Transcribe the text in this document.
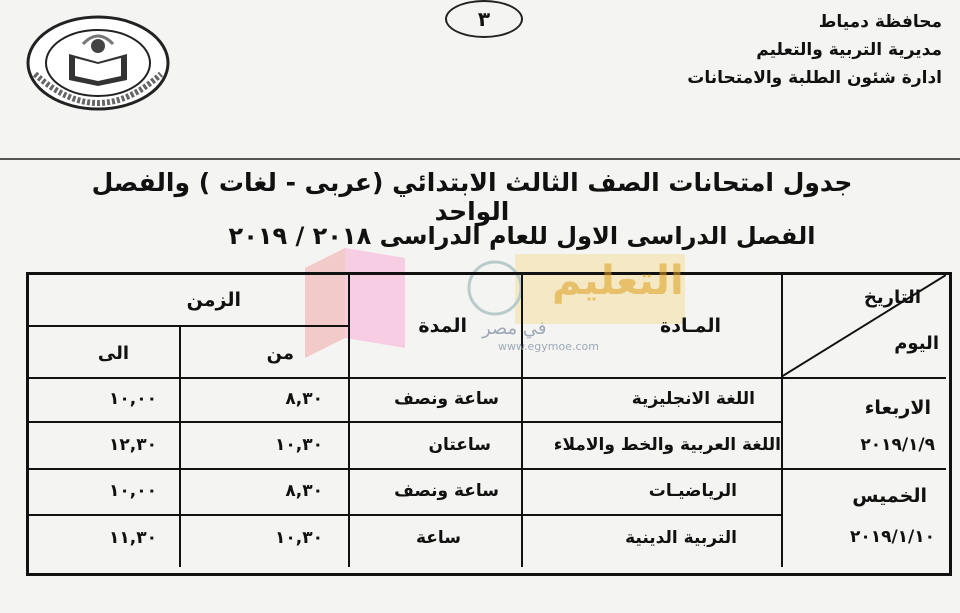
محافظة دمياط
مديرية التربية والتعليم
ادارة شئون الطلبة والامتحانات
٣
جدول امتحانات الصف الثالث الابتدائي (عربى - لغات ) والفصل الواحد
الفصل الدراسى الاول للعام الدراسى ٢٠١٨ / ٢٠١٩
التاريخ
اليوم
المـادة
المدة
الزمن
من
الى
الاربعاء
٢٠١٩/١/٩
اللغة الانجليزية
ساعة ونصف
٨,٣٠
١٠,٠٠
اللغة العربية والخط والاملاء
ساعتان
١٠,٣٠
١٢,٣٠
الخميس
٢٠١٩/١/١٠
الرياضيـات
ساعة ونصف
٨,٣٠
١٠,٠٠
التربية الدينية
ساعة
١٠,٣٠
١١,٣٠
التعليم
في مصر
www.egymoe.com
